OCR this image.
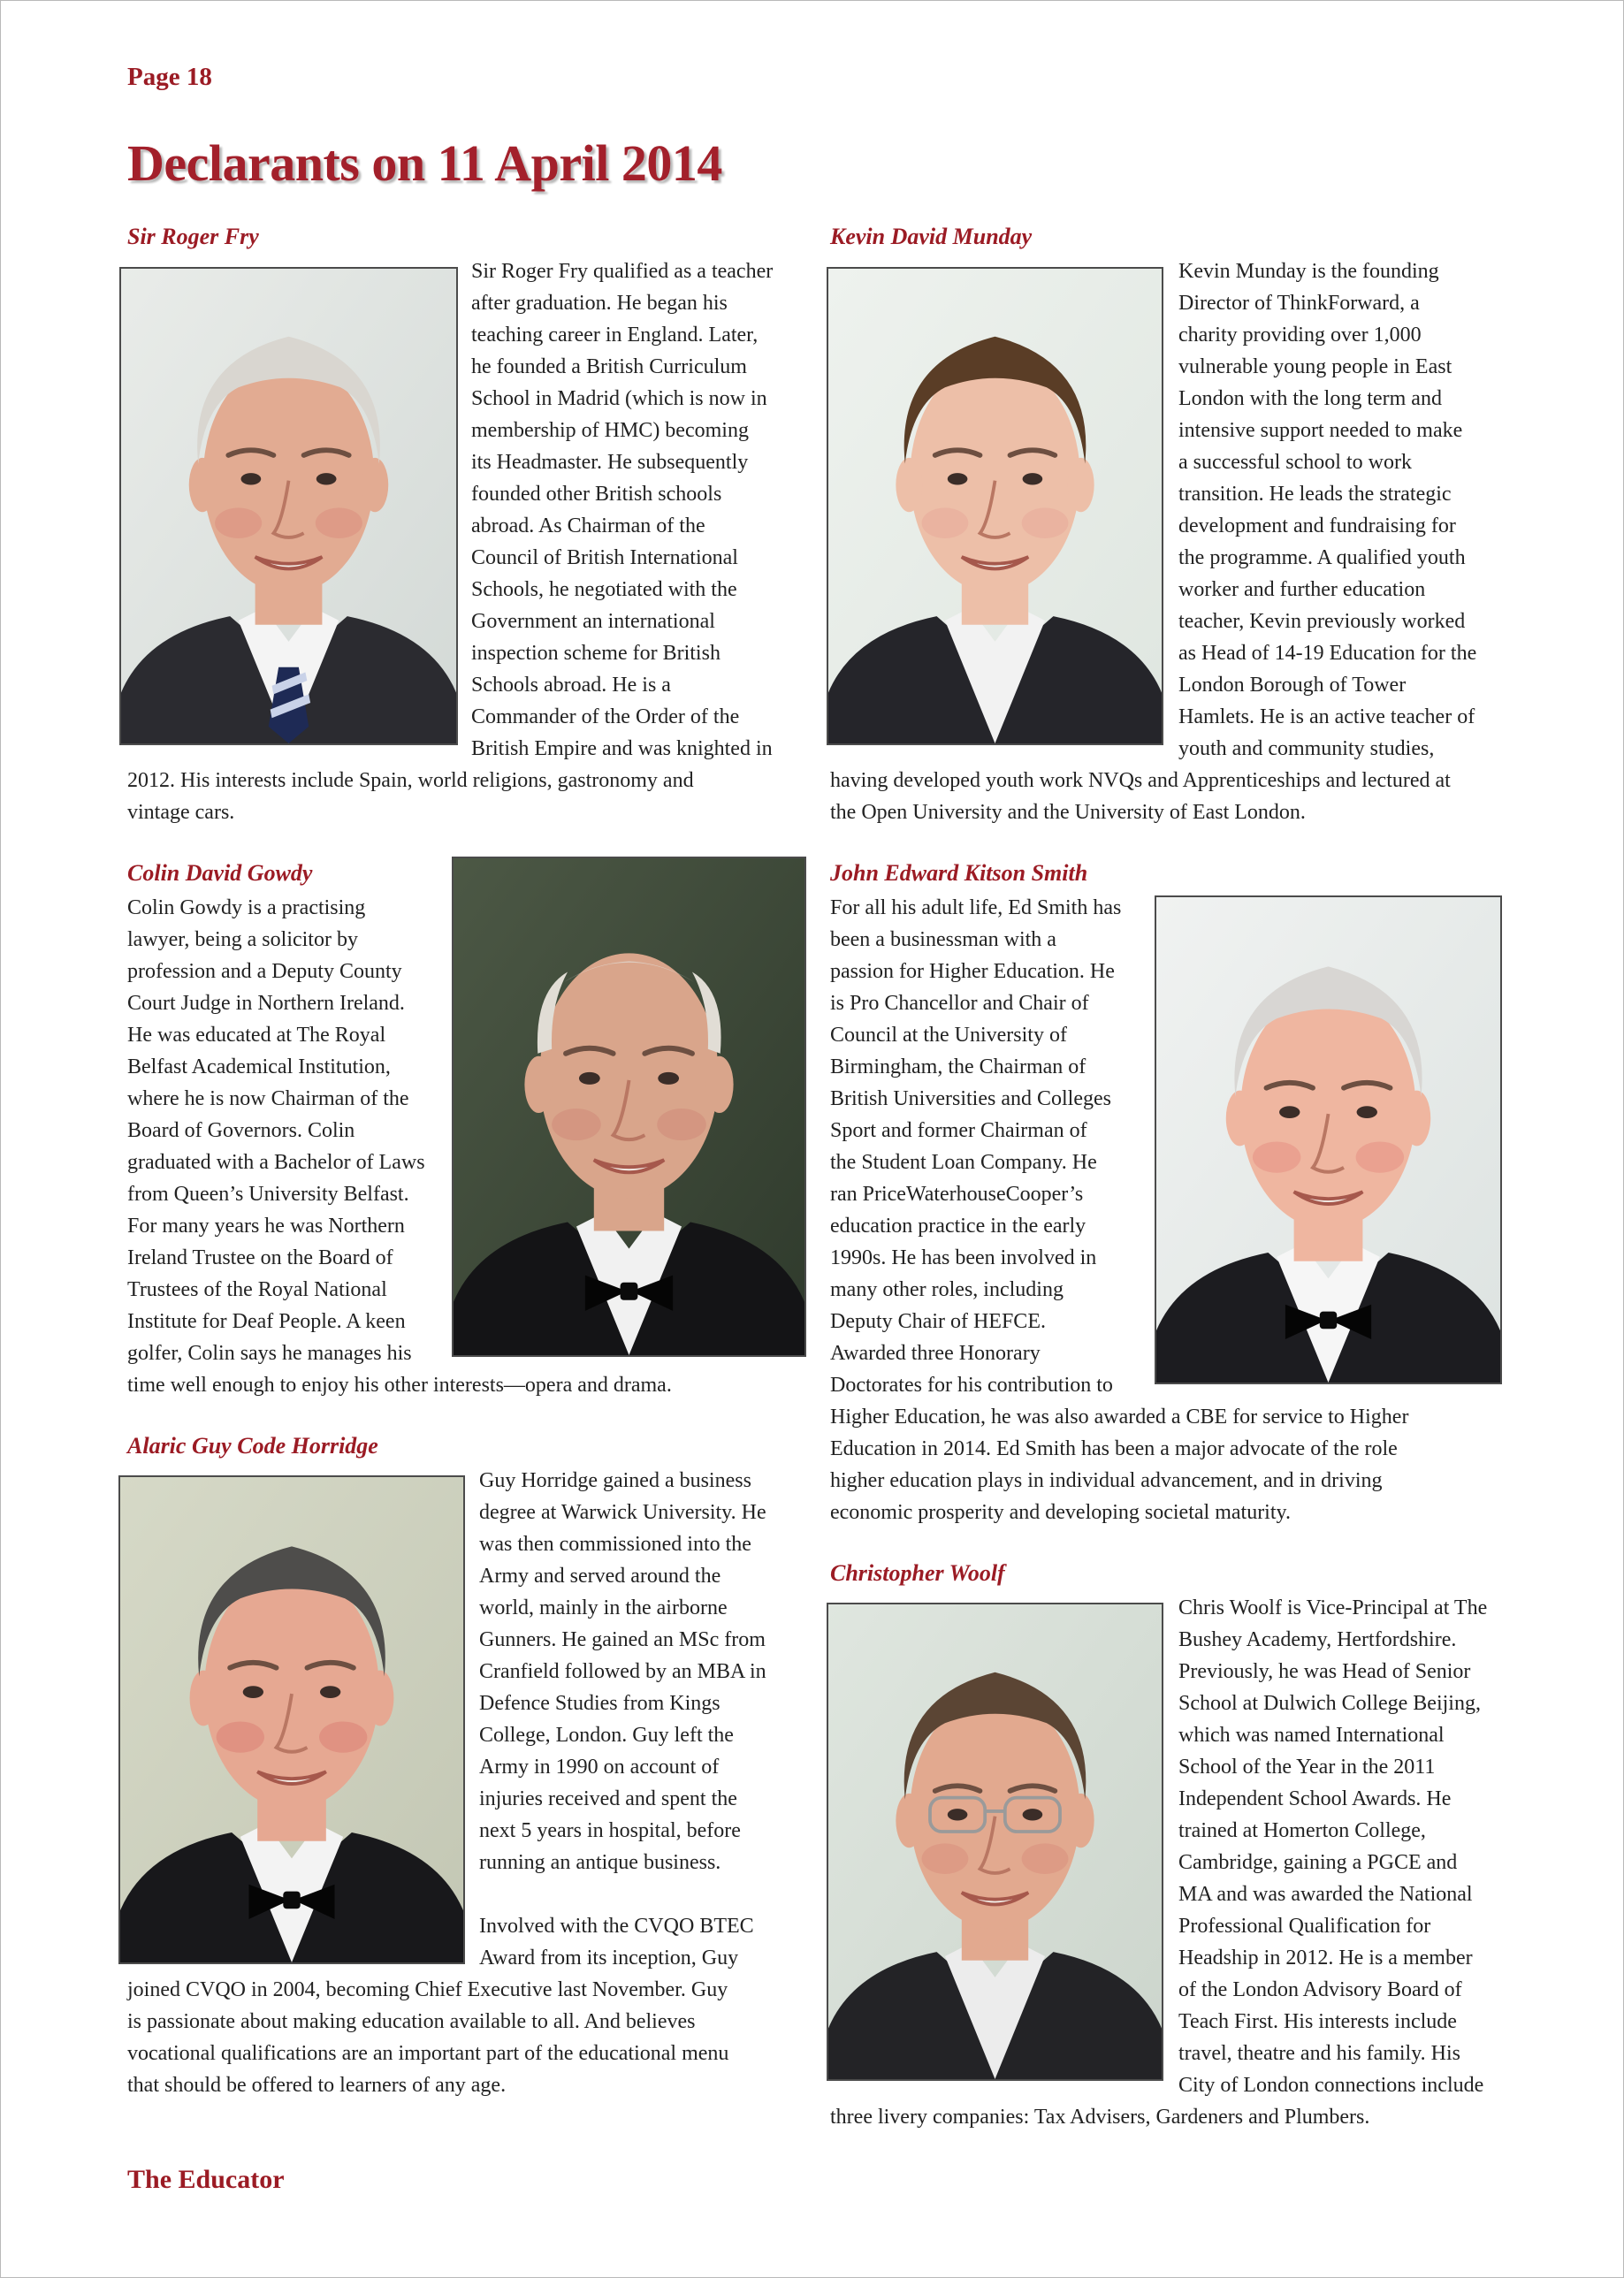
Page 18
Declarants on 11 April 2014
Sir Roger Fry
Sir Roger Fry qualified as a teacher
after graduation. He began his
teaching career in England. Later,
he founded a British Curriculum
School in Madrid (which is now in
membership of HMC) becoming
its Headmaster. He subsequently
founded other British schools
abroad. As Chairman of the
Council of British International
Schools, he negotiated with the
Government an international
inspection scheme for British
Schools abroad. He is a
Commander of the Order of the
British Empire and was knighted in
2012. His interests include Spain, world religions, gastronomy and
vintage cars.
Kevin David Munday
Kevin Munday is the founding
Director of ThinkForward, a
charity providing over 1,000
vulnerable young people in East
London with the long term and
intensive support needed to make
a successful school to work
transition. He leads the strategic
development and fundraising for
the programme. A qualified youth
worker and further education
teacher, Kevin previously worked
as Head of 14-19 Education for the
London Borough of Tower
Hamlets. He is an active teacher of
youth and community studies,
having developed youth work NVQs and Apprenticeships and lectured at
the Open University and the University of East London.
Colin David Gowdy
Colin Gowdy is a practising
lawyer, being a solicitor by
profession and a Deputy County
Court Judge in Northern Ireland.
He was educated at The Royal
Belfast Academical Institution,
where he is now Chairman of the
Board of Governors. Colin
graduated with a Bachelor of Laws
from Queen’s University Belfast.
For many years he was Northern
Ireland Trustee on the Board of
Trustees of the Royal National
Institute for Deaf People. A keen
golfer, Colin says he manages his
time well enough to enjoy his other interests—opera and drama.
John Edward Kitson Smith
For all his adult life, Ed Smith has
been a businessman with a
passion for Higher Education. He
is Pro Chancellor and Chair of
Council at the University of
Birmingham, the Chairman of
British Universities and Colleges
Sport and former Chairman of
the Student Loan Company. He
ran PriceWaterhouseCooper’s
education practice in the early
1990s. He has been involved in
many other roles, including
Deputy Chair of HEFCE.
Awarded three Honorary
Doctorates for his contribution to
Higher Education, he was also awarded a CBE for service to Higher
Education in 2014. Ed Smith has been a major advocate of the role
higher education plays in individual advancement, and in driving
economic prosperity and developing societal maturity.
Alaric Guy Code Horridge
Guy Horridge gained a business
degree at Warwick University. He
was then commissioned into the
Army and served around the
world, mainly in the airborne
Gunners. He gained an MSc from
Cranfield followed by an MBA in
Defence Studies from Kings
College, London. Guy left the
Army in 1990 on account of
injuries received and spent the
next 5 years in hospital, before
running an antique business.
Involved with the CVQO BTEC
Award from its inception, Guy
joined CVQO in 2004, becoming Chief Executive last November. Guy
is passionate about making education available to all. And believes
vocational qualifications are an important part of the educational menu
that should be offered to learners of any age.
Christopher Woolf
Chris Woolf is Vice-Principal at The
Bushey Academy, Hertfordshire.
Previously, he was Head of Senior
School at Dulwich College Beijing,
which was named International
School of the Year in the 2011
Independent School Awards. He
trained at Homerton College,
Cambridge, gaining a PGCE and
MA and was awarded the National
Professional Qualification for
Headship in 2012. He is a member
of the London Advisory Board of
Teach First. His interests include
travel, theatre and his family. His
City of London connections include
three livery companies: Tax Advisers, Gardeners and Plumbers.
The Educator
